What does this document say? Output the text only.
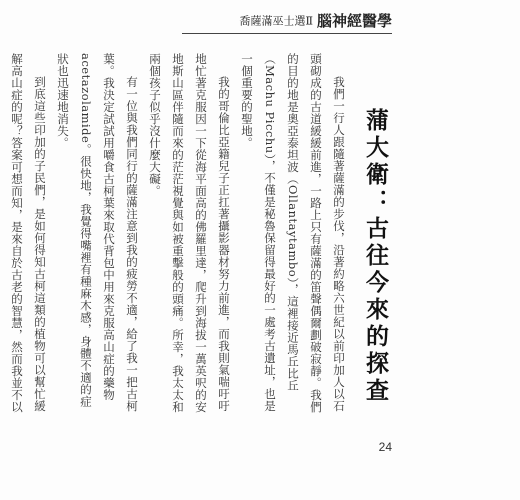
喬薩滿巫士選Ⅱ 腦神經醫學
蒲大衛：古往今來的探查

我們一行人跟隨著薩滿的步伐，沿著約略六世紀以前印加人以石頭砌成的古道緩緩前進，一路上只有薩滿的笛聲偶爾劃破寂靜。我們的目的地是奧亞泰坦波（Ollantaytambo），這裡接近馬丘比丘（Machu Picchu），不僅是秘魯保留得最好的一處考古遺址，也是一個重要的聖地。

我的哥倫比亞籍兒子正扛著攝影器材努力前進，而我則氣喘吁吁地忙著克服因一下從海平面高的佛羅里達，爬升到海拔一萬英呎的安地斯山區伴隨而來的茫茫視覺與如被重擊般的頭痛。所幸，我太太和兩個孩子似乎沒什麼大礙。

有一位與我們同行的薩滿注意到我的疲勞不適，給了我一把古柯葉。我決定試試用嚼食古柯葉來取代背包中用來克服高山症的藥物 acetazolamide。很快地，我覺得嘴裡有種麻木感，身體不適的症狀也迅速地消失。

到底這些印加的子民們，是如何得知古柯這類的植物可以幫忙緩解高山症的呢？答案可想而知，是來自於古老的智慧，然而我並不以

24
